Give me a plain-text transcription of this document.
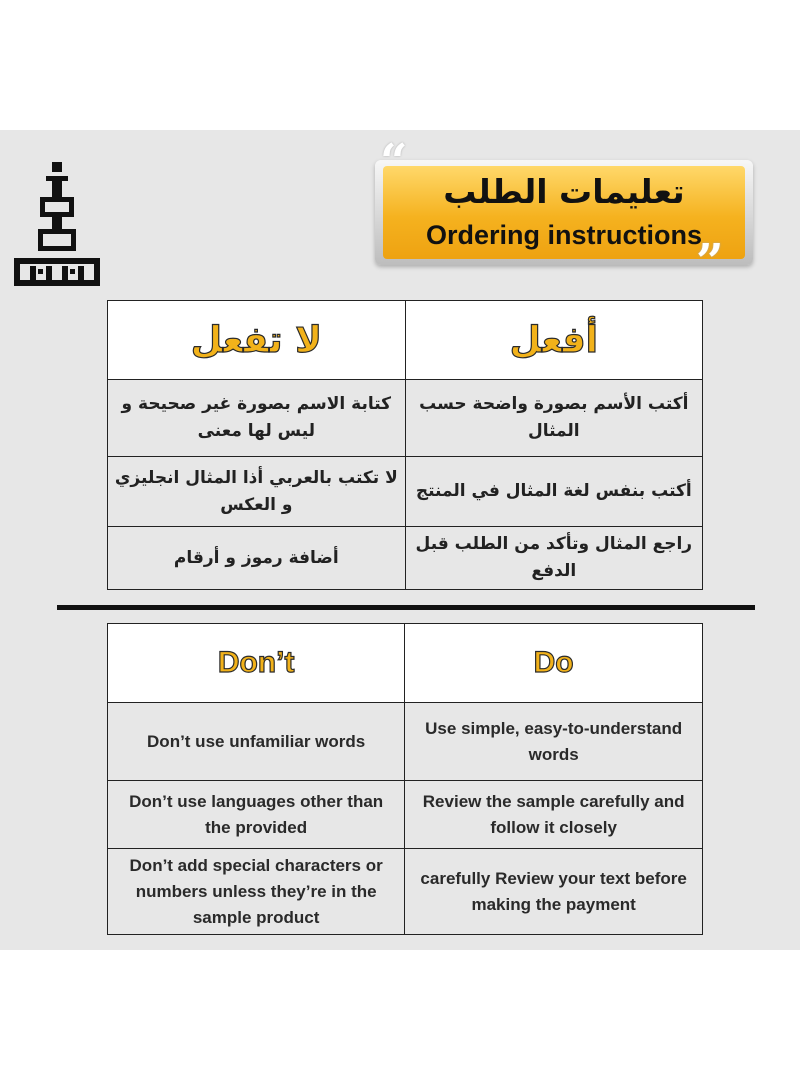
تعليمات الطلب
Ordering instructions
”
لا تفعل	أفعل
كتابة الاسم بصورة غير صحيحة و ليس لها معنى	أكتب الأسم بصورة واضحة حسب المثال
لا تكتب بالعربي أذا المثال انجليزي و العكس	أكتب بنفس لغة المثال في المنتج
أضافة رموز و أرقام	راجع المثال وتأكد من الطلب قبل الدفع
Don’t	Do
Don’t use unfamiliar words	Use simple, easy-to-understand words
Don’t use languages other than the provided	Review the sample carefully and follow it closely
Don’t add special characters or numbers unless they’re in the sample product	carefully Review your text before making the payment
